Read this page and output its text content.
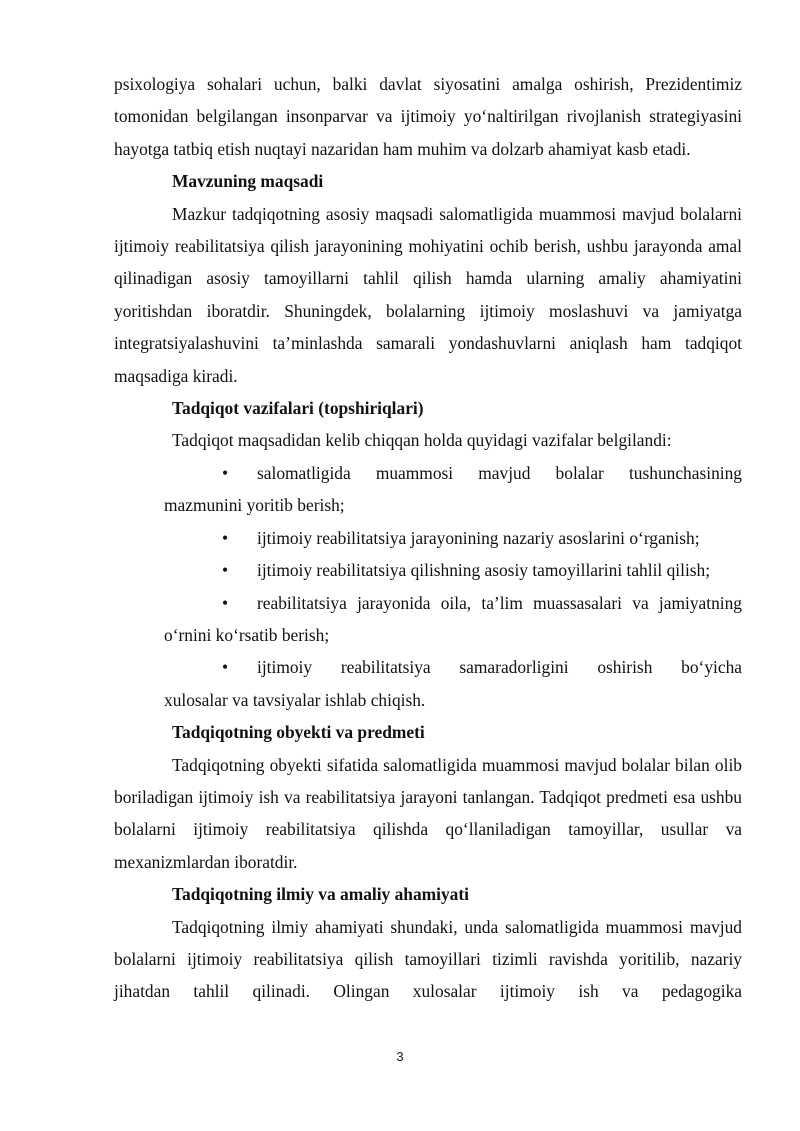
psixologiya sohalari uchun, balki davlat siyosatini amalga oshirish, Prezidentimiz tomonidan belgilangan insonparvar va ijtimoiy yo‘naltirilgan rivojlanish strategiyasini hayotga tatbiq etish nuqtayi nazaridan ham muhim va dolzarb ahamiyat kasb etadi.

Mavzuning maqsadi

Mazkur tadqiqotning asosiy maqsadi salomatligida muammosi mavjud bolalarni ijtimoiy reabilitatsiya qilish jarayonining mohiyatini ochib berish, ushbu jarayonda amal qilinadigan asosiy tamoyillarni tahlil qilish hamda ularning amaliy ahamiyatini yoritishdan iboratdir. Shuningdek, bolalarning ijtimoiy moslashuvi va jamiyatga integratsiyalashuvini ta’minlashda samarali yondashuvlarni aniqlash ham tadqiqot maqsadiga kiradi.

Tadqiqot vazifalari (topshiriqlari)

Tadqiqot maqsadidan kelib chiqqan holda quyidagi vazifalar belgilandi:

• salomatligida muammosi mavjud bolalar tushunchasining
mazmunini yoritib berish;
• ijtimoiy reabilitatsiya jarayonining nazariy asoslarini o‘rganish;
• ijtimoiy reabilitatsiya qilishning asosiy tamoyillarini tahlil qilish;
• reabilitatsiya jarayonida oila, ta’lim muassasalari va jamiyatning
o‘rnini ko‘rsatib berish;
• ijtimoiy reabilitatsiya samaradorligini oshirish bo‘yicha
xulosalar va tavsiyalar ishlab chiqish.

Tadqiqotning obyekti va predmeti

Tadqiqotning obyekti sifatida salomatligida muammosi mavjud bolalar bilan olib boriladigan ijtimoiy ish va reabilitatsiya jarayoni tanlangan. Tadqiqot predmeti esa ushbu bolalarni ijtimoiy reabilitatsiya qilishda qo‘llaniladigan tamoyillar, usullar va mexanizmlardan iboratdir.

Tadqiqotning ilmiy va amaliy ahamiyati

Tadqiqotning ilmiy ahamiyati shundaki, unda salomatligida muammosi mavjud bolalarni ijtimoiy reabilitatsiya qilish tamoyillari tizimli ravishda yoritilib, nazariy jihatdan tahlil qilinadi. Olingan xulosalar ijtimoiy ish va pedagogika

3
